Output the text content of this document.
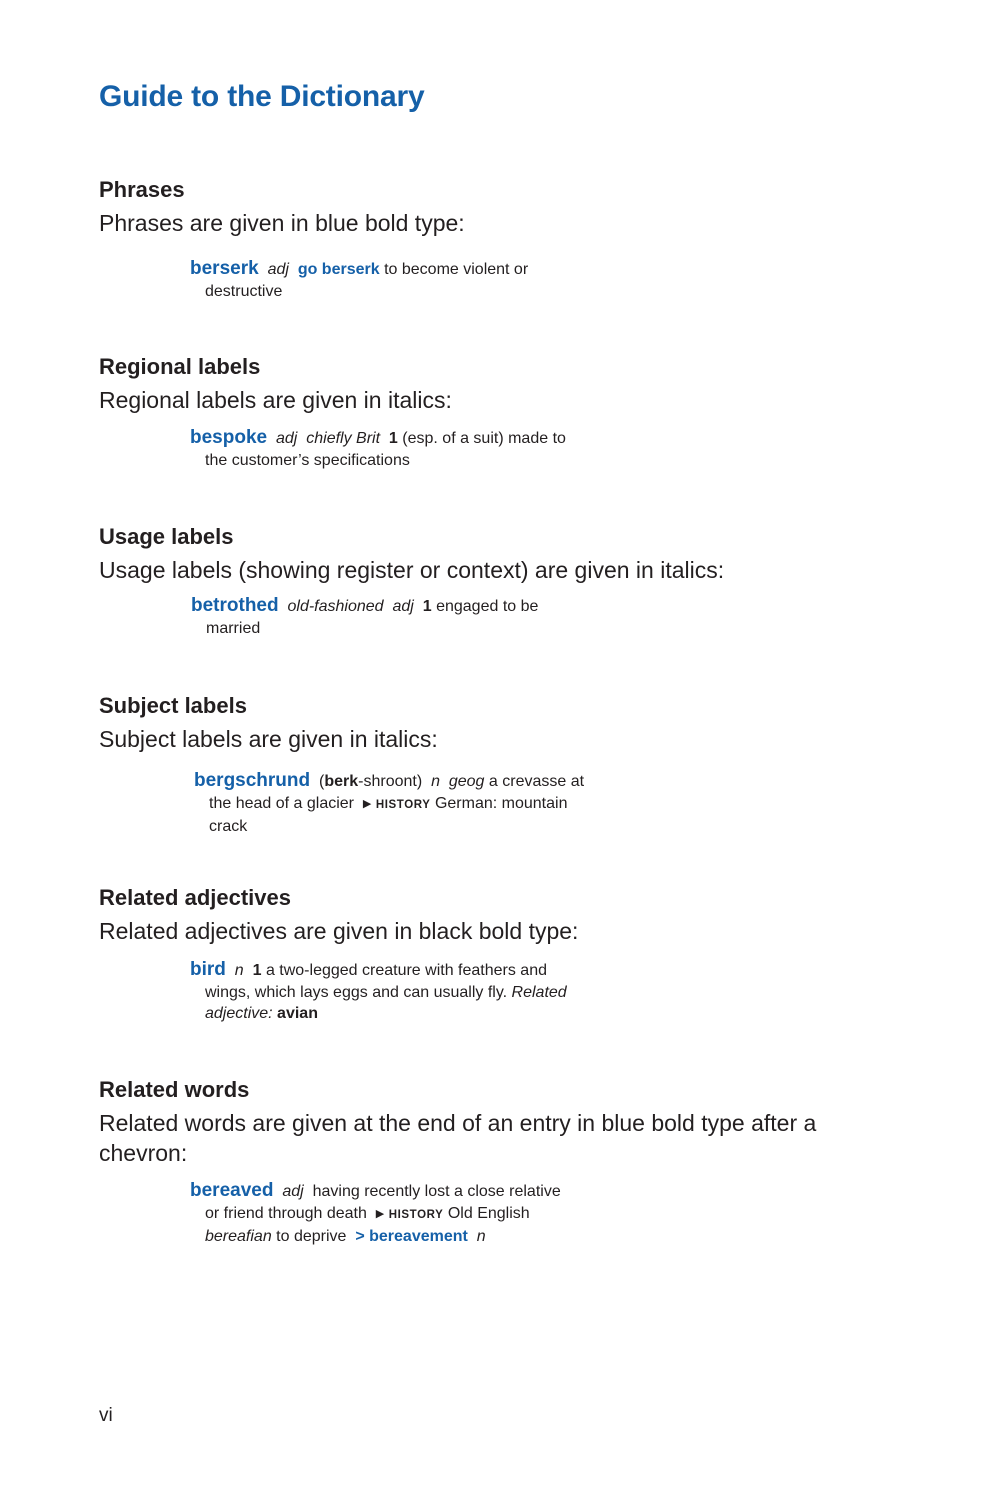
Guide to the Dictionary
Phrases

Phrases are given in blue bold type:

berserk adj go berserk to become violent or
destructive
Regional labels

Regional labels are given in italics:

bespoke adj chiefly Brit 1 (esp. of a suit) made to
the customer’s specifications
Usage labels

Usage labels (showing register or context) are given in italics:

betrothed old-fashioned adj 1 engaged to be
married
Subject labels

Subject labels are given in italics:

bergschrund (berk-shroont) n geog a crevasse at
the head of a glacier ▶ HISTORY German: mountain
crack
Related adjectives

Related adjectives are given in black bold type:

bird n 1 a two-legged creature with feathers and
wings, which lays eggs and can usually fly. Related
adjective: avian
Related words

Related words are given at the end of an entry in blue bold type after a chevron:

bereaved adj having recently lost a close relative
or friend through death ▶ HISTORY Old English
bereafian to deprive > bereavement n
vi
